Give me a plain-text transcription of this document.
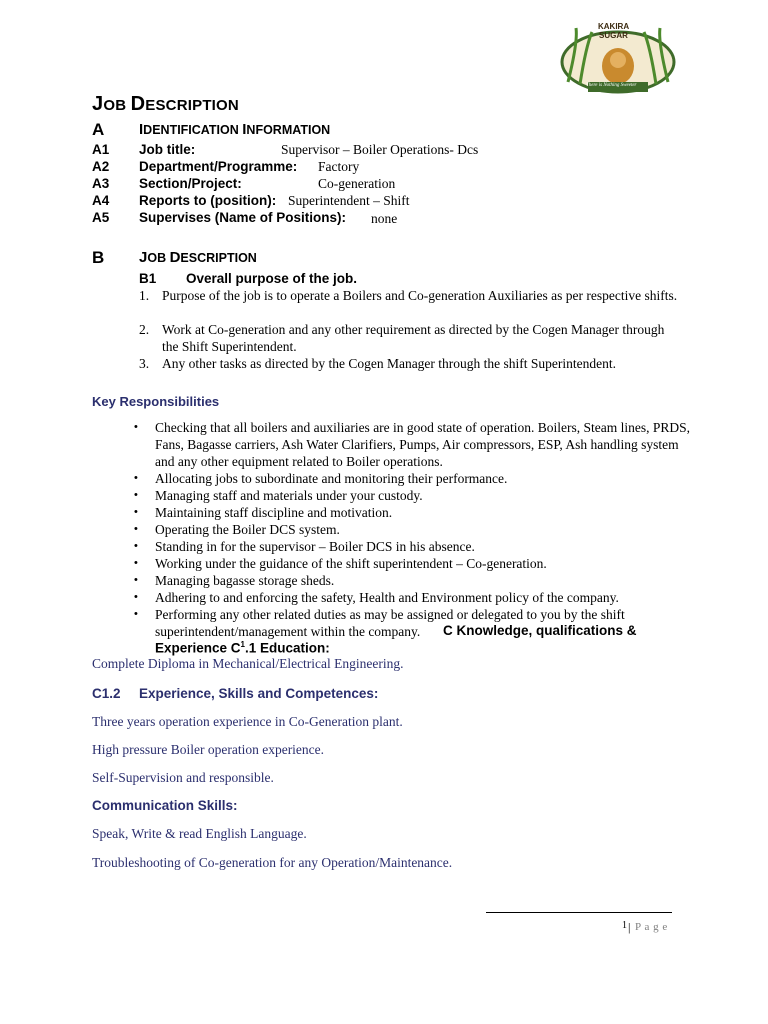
KAKIRA
SUGAR
There is Nothing Sweeter
JOB DESCRIPTION
A IDENTIFICATION INFORMATION
A1 Job title:	Supervisor – Boiler Operations- Dcs
A2 Department/Programme: Factory
A3 Section/Project:	Co-generation
A4 Reports to (position): Superintendent – Shift
A5 Supervises (Name of Positions): none
B JOB DESCRIPTION
B1 Overall purpose of the job.
1. Purpose of the job is to operate a Boilers and Co-generation Auxiliaries as per respective shifts.
2. Work at Co-generation and any other requirement as directed by the Cogen Manager through the Shift Superintendent.
3. Any other tasks as directed by the Cogen Manager through the shift Superintendent.
Key Responsibilities
• Checking that all boilers and auxiliaries are in good state of operation. Boilers, Steam lines, PRDS, Fans, Bagasse carriers, Ash Water Clarifiers, Pumps, Air compressors, ESP, Ash handling system and any other equipment related to Boiler operations.
• Allocating jobs to subordinate and monitoring their performance.
• Managing staff and materials under your custody.
• Maintaining staff discipline and motivation.
• Operating the Boiler DCS system.
• Standing in for the supervisor – Boiler DCS in his absence.
• Working under the guidance of the shift superintendent – Co-generation.
• Managing bagasse storage sheds.
• Adhering to and enforcing the safety, Health and Environment policy of the company.
• Performing any other related duties as may be assigned or delegated to you by the shift
superintendent/management within the company. C Knowledge, qualifications &
Experience $C^1.1$ Education:
Complete Diploma in Mechanical/Electrical Engineering.
C1.2 Experience, Skills and Competences:
Three years operation experience in Co-Generation plant.
High pressure Boiler operation experience.
Self-Supervision and responsible.
Communication Skills:
Speak, Write & read English Language.
Troubleshooting of Co-generation for any Operation/Maintenance.
1 | P a g e
